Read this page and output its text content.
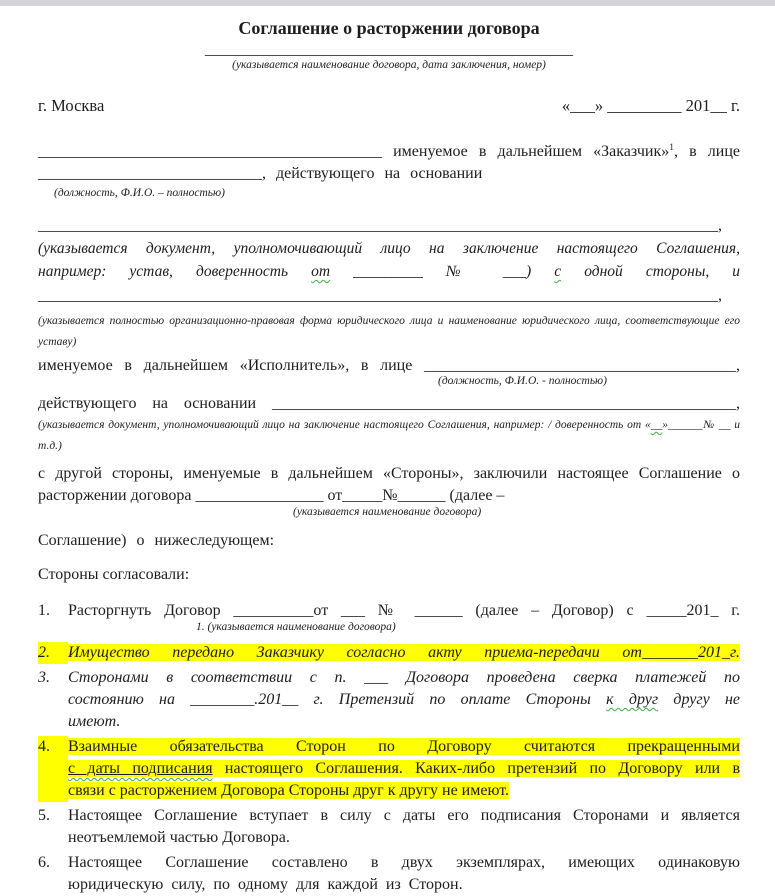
Соглашение о расторжении договора
______________________________________________
(указывается наименование договора, дата заключения, номер)
г. Москва	«___» _________ 201__ г.
___________________________________________ именуемое в дальнейшем «Заказчик»$^1$, в лице
____________________________, действующего на основании
(должность, Ф.И.О. – полностью)
_____________________________________________________________________________________,
(указывается документ, уполномочивающий лицо на заключение настоящего Соглашения,
например: устав, доверенность от _________ № ___) с одной стороны, и
_____________________________________________________________________________________,
(указывается полностью организационно-правовая форма юридического лица и наименование юридического лица, соответствующие его
уставу)
именуемое в дальнейшем «Исполнитель», в лице _______________________________________,
(должность, Ф.И.О. - полностью)
действующего на основании __________________________________________________________,
(указывается документ, уполномочивающий лицо на заключение настоящего Соглашения, например: / доверенность от «__»______№ __ и
т.д.)
с другой стороны, именуемые в дальнейшем «Стороны», заключили настоящее Соглашение о
расторжении договора ________________ от_____№______ (далее –
(указывается наименование договора)
Соглашение) о нижеследующем:
Стороны согласовали:
1.	Расторгнуть Договор __________от ___ № ______ (далее – Договор) с _____201_ г.
1. (указывается наименование договора)
2.	Имущество передано Заказчику согласно акту приема-передачи от_______201_г.
3.	Сторонами в соответствии с п. ___ Договора проведена сверка платежей по
состоянию на ________.201__ г. Претензий по оплате Стороны к друг другу не
имеют.
4.	Взаимные обязательства Сторон по Договору считаются прекращенными
с даты подписания настоящего Соглашения. Каких-либо претензий по Договору или в
связи с расторжением Договора Стороны друг к другу не имеют.
5.	Настоящее Соглашение вступает в силу с даты его подписания Сторонами и является
неотъемлемой частью Договора.
6.	Настоящее Соглашение составлено в двух экземплярах, имеющих одинаковую
юридическую силу, по одному для каждой из Сторон.
